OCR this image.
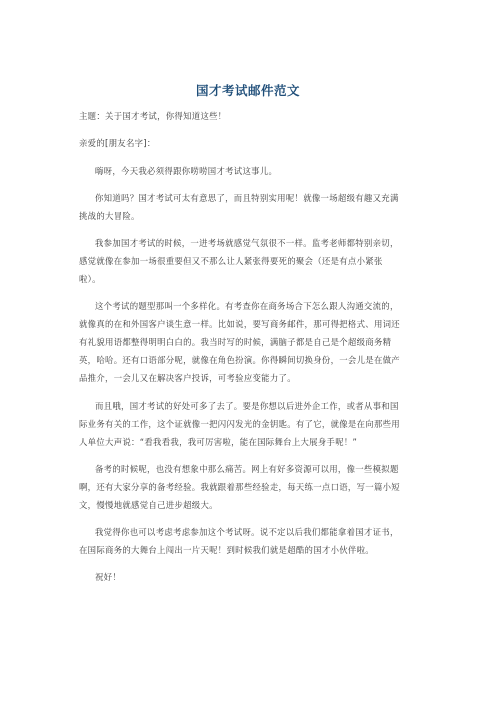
国才考试邮件范文
主题：关于国才考试，你得知道这些！
亲爱的[朋友名字]：
嗨呀，今天我必须得跟你唠唠国才考试这事儿。
你知道吗？国才考试可太有意思了，而且特别实用呢！就像一场超级有趣又充满
挑战的大冒险。
我参加国才考试的时候，一进考场就感觉气氛很不一样。监考老师都特别亲切，
感觉就像在参加一场很重要但又不那么让人紧张得要死的聚会（还是有点小紧张
啦）。
这个考试的题型那叫一个多样化。有考查你在商务场合下怎么跟人沟通交流的，
就像真的在和外国客户谈生意一样。比如说，要写商务邮件，那可得把格式、用词还
有礼貌用语都整得明明白白的。我当时写的时候，满脑子都是自己是个超级商务精
英，哈哈。还有口语部分呢，就像在角色扮演。你得瞬间切换身份，一会儿是在做产
品推介，一会儿又在解决客户投诉，可考验应变能力了。
而且哦，国才考试的好处可多了去了。要是你想以后进外企工作，或者从事和国
际业务有关的工作，这个证就像一把闪闪发光的金钥匙。有了它，就像是在向那些用
人单位大声说：“看我看我，我可厉害啦，能在国际舞台上大展身手呢！”
备考的时候呢，也没有想象中那么痛苦。网上有好多资源可以用，像一些模拟题
啊，还有大家分享的备考经验。我就跟着那些经验走，每天练一点口语，写一篇小短
文，慢慢地就感觉自己进步超级大。
我觉得你也可以考虑考虑参加这个考试呀。说不定以后我们都能拿着国才证书，
在国际商务的大舞台上闯出一片天呢！到时候我们就是超酷的国才小伙伴啦。
祝好！
